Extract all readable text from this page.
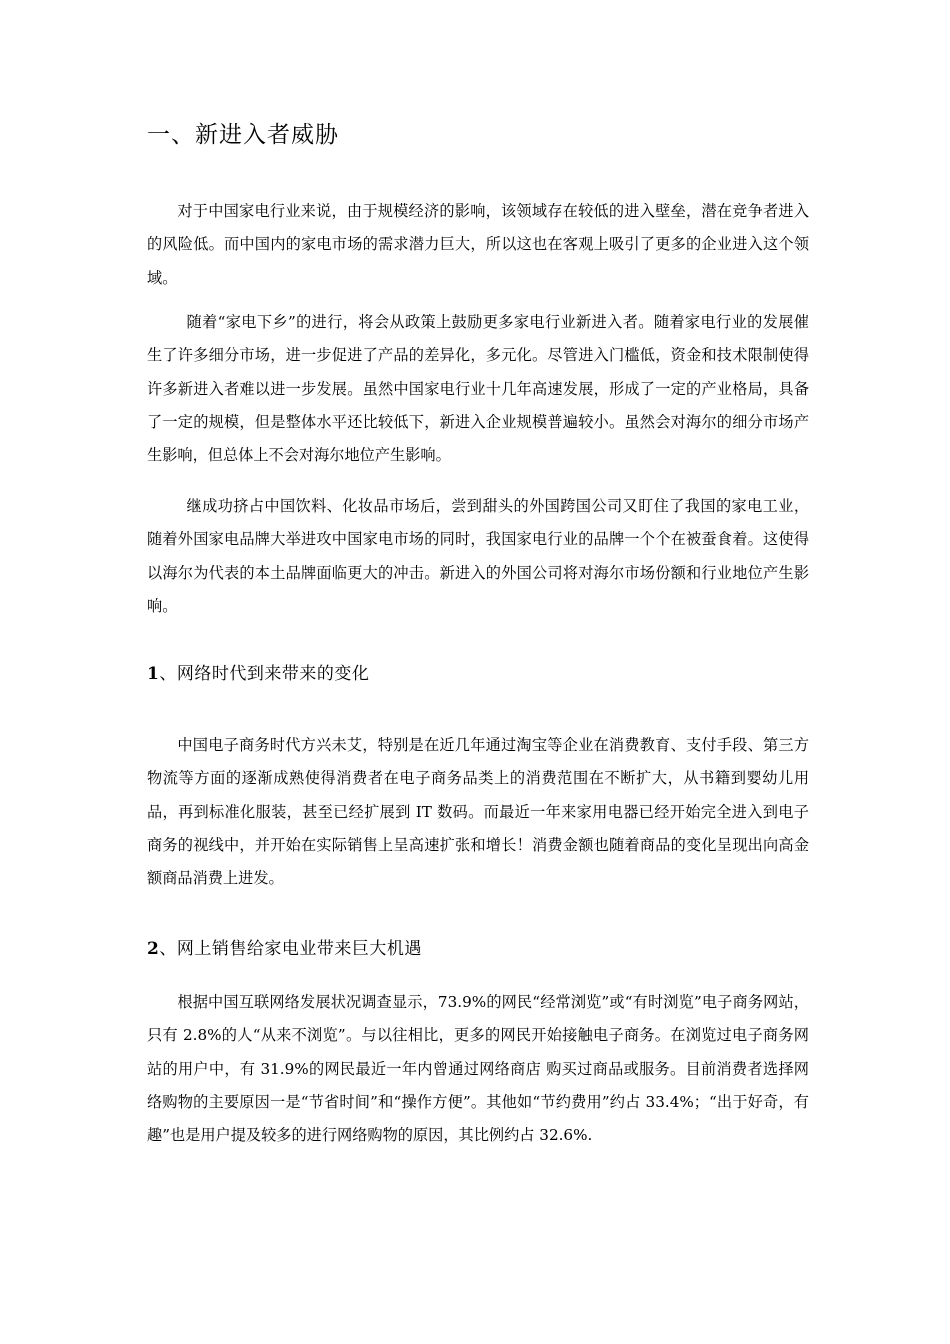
一、新进入者威胁

对于中国家电行业来说，由于规模经济的影响，该领域存在较低的进入壁垒，潜在竞争者进入的风险低。而中国内的家电市场的需求潜力巨大，所以这也在客观上吸引了更多的企业进入这个领域。

随着“家电下乡”的进行，将会从政策上鼓励更多家电行业新进入者。随着家电行业的发展催生了许多细分市场，进一步促进了产品的差异化，多元化。尽管进入门槛低，资金和技术限制使得许多新进入者难以进一步发展。虽然中国家电行业十几年高速发展，形成了一定的产业格局，具备了一定的规模，但是整体水平还比较低下，新进入企业规模普遍较小。虽然会对海尔的细分市场产生影响，但总体上不会对海尔地位产生影响。

继成功挤占中国饮料、化妆品市场后，尝到甜头的外国跨国公司又盯住了我国的家电工业，随着外国家电品牌大举进攻中国家电市场的同时，我国家电行业的品牌一个个在被蚕食着。这使得以海尔为代表的本土品牌面临更大的冲击。新进入的外国公司将对海尔市场份额和行业地位产生影响。

1、网络时代到来带来的变化

中国电子商务时代方兴未艾，特别是在近几年通过淘宝等企业在消费教育、支付手段、第三方物流等方面的逐渐成熟使得消费者在电子商务品类上的消费范围在不断扩大，从书籍到婴幼儿用品，再到标准化服装，甚至已经扩展到 IT 数码。而最近一年来家用电器已经开始完全进入到电子商务的视线中，并开始在实际销售上呈高速扩张和增长！消费金额也随着商品的变化呈现出向高金额商品消费上进发。

2、网上销售给家电业带来巨大机遇

根据中国互联网络发展状况调查显示，73.9%的网民“经常浏览”或“有时浏览”电子商务网站，只有 2.8%的人“从来不浏览”。与以往相比，更多的网民开始接触电子商务。在浏览过电子商务网站的用户中，有 31.9%的网民最近一年内曾通过网络商店 购买过商品或服务。目前消费者选择网络购物的主要原因一是“节省时间”和“操作方便”。其他如“节约费用”约占 33.4%；“出于好奇，有趣”也是用户提及较多的进行网络购物的原因，其比例约占 32.6%.
